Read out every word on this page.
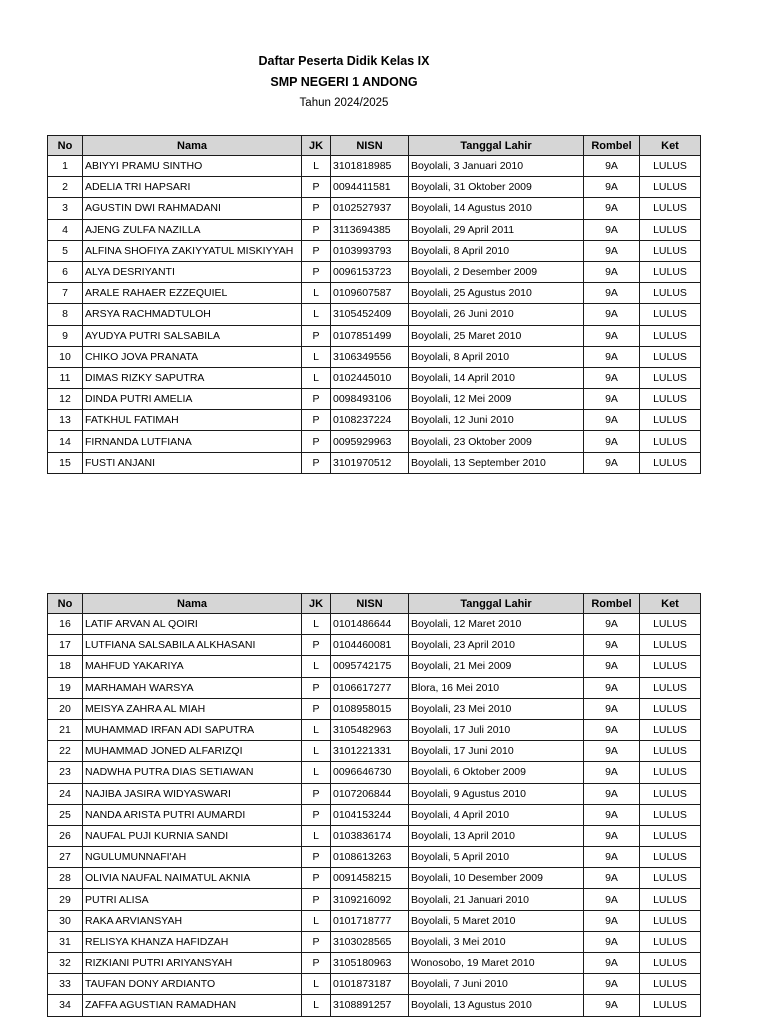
Daftar Peserta Didik Kelas IX
SMP NEGERI 1 ANDONG
Tahun 2024/2025
No	Nama	JK	NISN	Tanggal Lahir	Rombel	Ket
1	ABIYYI PRAMU SINTHO	L	3101818985	Boyolali, 3 Januari 2010	9A	LULUS
2	ADELIA TRI HAPSARI	P	0094411581	Boyolali, 31 Oktober 2009	9A	LULUS
3	AGUSTIN DWI RAHMADANI	P	0102527937	Boyolali, 14 Agustus 2010	9A	LULUS
4	AJENG ZULFA NAZILLA	P	3113694385	Boyolali, 29 April 2011	9A	LULUS
5	ALFINA SHOFIYA ZAKIYYATUL MISKIYYAH	P	0103993793	Boyolali, 8 April 2010	9A	LULUS
6	ALYA DESRIYANTI	P	0096153723	Boyolali, 2 Desember 2009	9A	LULUS
7	ARALE RAHAER EZZEQUIEL	L	0109607587	Boyolali, 25 Agustus 2010	9A	LULUS
8	ARSYA RACHMADTULOH	L	3105452409	Boyolali, 26 Juni 2010	9A	LULUS
9	AYUDYA PUTRI SALSABILA	P	0107851499	Boyolali, 25 Maret 2010	9A	LULUS
10	CHIKO JOVA PRANATA	L	3106349556	Boyolali, 8 April 2010	9A	LULUS
11	DIMAS RIZKY SAPUTRA	L	0102445010	Boyolali, 14 April 2010	9A	LULUS
12	DINDA PUTRI AMELIA	P	0098493106	Boyolali, 12 Mei 2009	9A	LULUS
13	FATKHUL FATIMAH	P	0108237224	Boyolali, 12 Juni 2010	9A	LULUS
14	FIRNANDA LUTFIANA	P	0095929963	Boyolali, 23 Oktober 2009	9A	LULUS
15	FUSTI ANJANI	P	3101970512	Boyolali, 13 September 2010	9A	LULUS
No	Nama	JK	NISN	Tanggal Lahir	Rombel	Ket
16	LATIF ARVAN AL QOIRI	L	0101486644	Boyolali, 12 Maret 2010	9A	LULUS
17	LUTFIANA SALSABILA ALKHASANI	P	0104460081	Boyolali, 23 April 2010	9A	LULUS
18	MAHFUD YAKARIYA	L	0095742175	Boyolali, 21 Mei 2009	9A	LULUS
19	MARHAMAH WARSYA	P	0106617277	Blora, 16 Mei 2010	9A	LULUS
20	MEISYA ZAHRA AL MIAH	P	0108958015	Boyolali, 23 Mei 2010	9A	LULUS
21	MUHAMMAD IRFAN ADI SAPUTRA	L	3105482963	Boyolali, 17 Juli 2010	9A	LULUS
22	MUHAMMAD JONED ALFARIZQI	L	3101221331	Boyolali, 17 Juni 2010	9A	LULUS
23	NADWHA PUTRA DIAS SETIAWAN	L	0096646730	Boyolali, 6 Oktober 2009	9A	LULUS
24	NAJIBA JASIRA WIDYASWARI	P	0107206844	Boyolali, 9 Agustus 2010	9A	LULUS
25	NANDA ARISTA PUTRI AUMARDI	P	0104153244	Boyolali, 4 April 2010	9A	LULUS
26	NAUFAL PUJI KURNIA SANDI	L	0103836174	Boyolali, 13 April 2010	9A	LULUS
27	NGULUMUNNAFI'AH	P	0108613263	Boyolali, 5 April 2010	9A	LULUS
28	OLIVIA NAUFAL NAIMATUL AKNIA	P	0091458215	Boyolali, 10 Desember 2009	9A	LULUS
29	PUTRI ALISA	P	3109216092	Boyolali, 21 Januari 2010	9A	LULUS
30	RAKA ARVIANSYAH	L	0101718777	Boyolali, 5 Maret 2010	9A	LULUS
31	RELISYA KHANZA HAFIDZAH	P	3103028565	Boyolali, 3 Mei 2010	9A	LULUS
32	RIZKIANI PUTRI ARIYANSYAH	P	3105180963	Wonosobo, 19 Maret 2010	9A	LULUS
33	TAUFAN DONY ARDIANTO	L	0101873187	Boyolali, 7 Juni 2010	9A	LULUS
34	ZAFFA AGUSTIAN RAMADHAN	L	3108891257	Boyolali, 13 Agustus 2010	9A	LULUS
